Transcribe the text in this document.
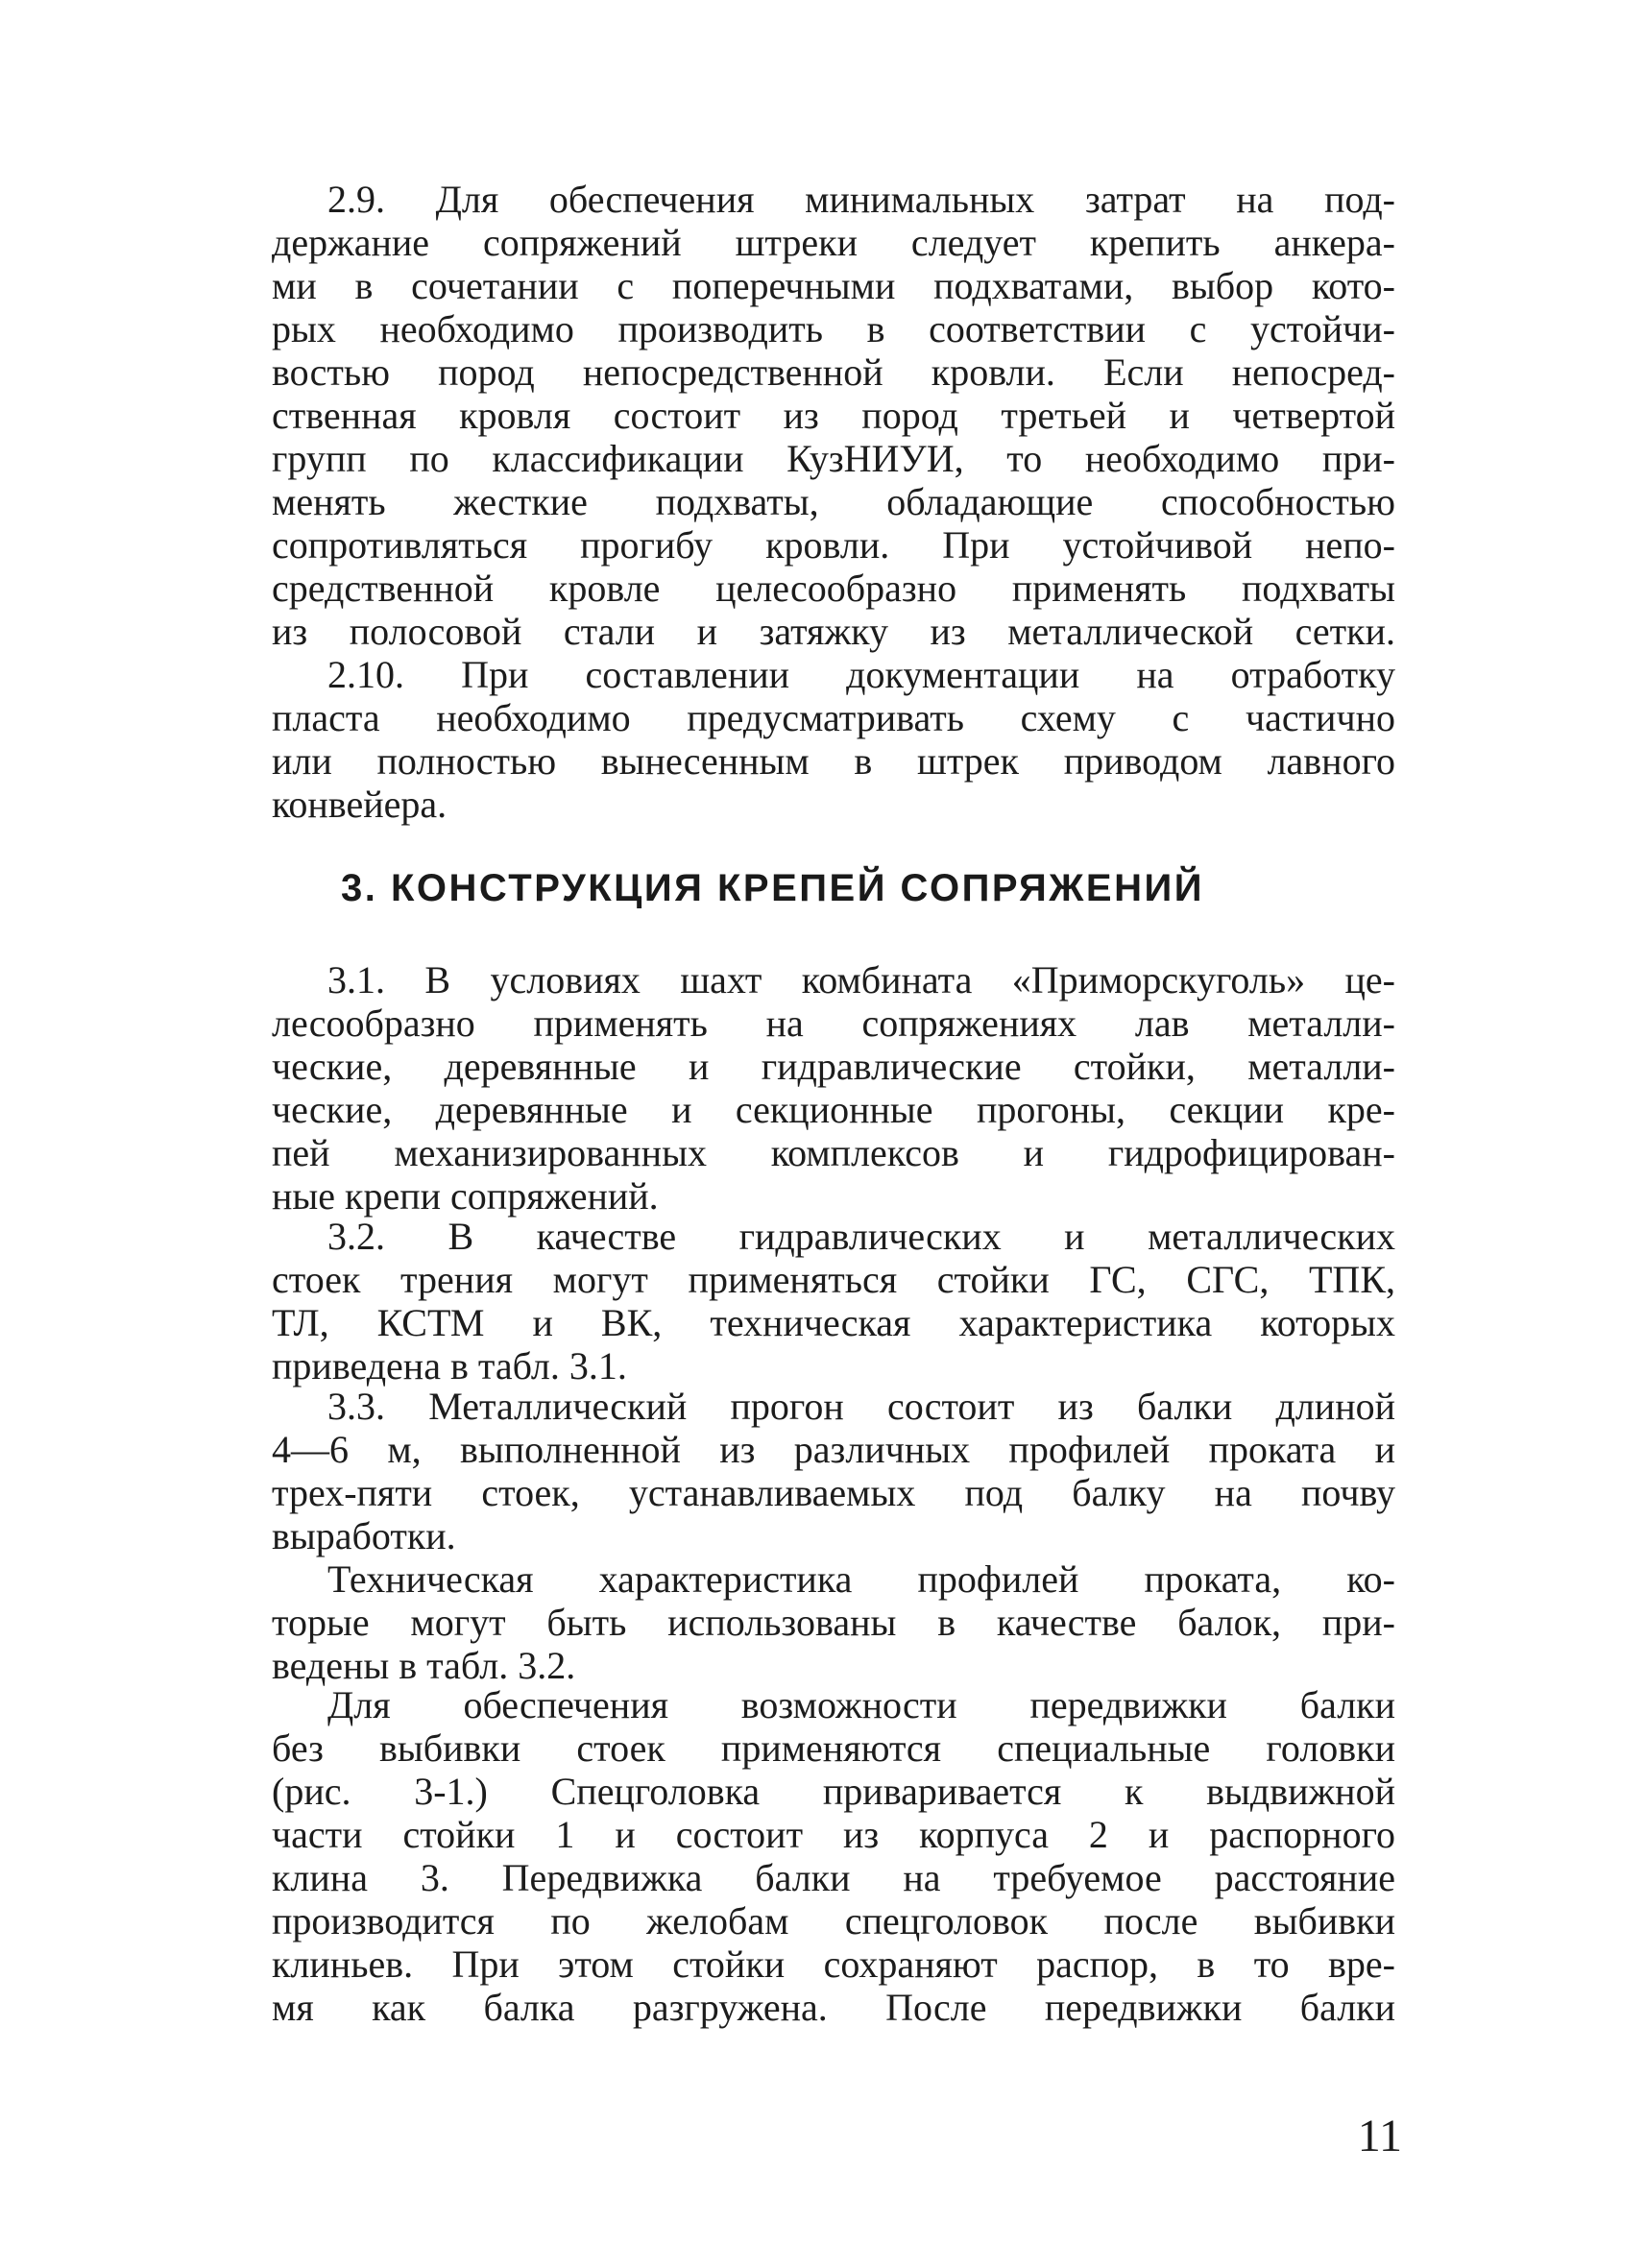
2.9. Для обеспечения минимальных затрат на под-
держание сопряжений штреки следует крепить анкера-
ми в сочетании с поперечными подхватами, выбор кото-
рых необходимо производить в соответствии с устойчи-
востью пород непосредственной кровли. Если непосред-
ственная кровля состоит из пород третьей и четвертой
групп по классификации КузНИУИ, то необходимо при-
менять жесткие подхваты, обладающие способностью
сопротивляться прогибу кровли. При устойчивой непо-
средственной кровле целесообразно применять подхваты
из полосовой стали и затяжку из металлической сетки.
2.10. При составлении документации на отработку
пласта необходимо предусматривать схему с частично
или полностью вынесенным в штрек приводом лавного
конвейера.
3. КОНСТРУКЦИЯ КРЕПЕЙ СОПРЯЖЕНИЙ
3.1. В условиях шахт комбината «Приморскуголь» це-
лесообразно применять на сопряжениях лав металли-
ческие, деревянные и гидравлические стойки, металли-
ческие, деревянные и секционные прогоны, секции кре-
пей механизированных комплексов и гидрофицирован-
ные крепи сопряжений.
3.2. В качестве гидравлических и металлических
стоек трения могут применяться стойки ГС, СГС, ТПК,
ТЛ, КСТМ и ВК, техническая характеристика которых
приведена в табл. 3.1.
3.3. Металлический прогон состоит из балки длиной
4—6 м, выполненной из различных профилей проката и
трех-пяти стоек, устанавливаемых под балку на почву
выработки.
Техническая характеристика профилей проката, ко-
торые могут быть использованы в качестве балок, при-
ведены в табл. 3.2.
Для обеспечения возможности передвижки балки
без выбивки стоек применяются специальные головки
(рис. 3-1.) Спецголовка приваривается к выдвижной
части стойки 1 и состоит из корпуса 2 и распорного
клина 3. Передвижка балки на требуемое расстояние
производится по желобам спецголовок после выбивки
клиньев. При этом стойки сохраняют распор, в то вре-
мя как балка разгружена. После передвижки балки
11
